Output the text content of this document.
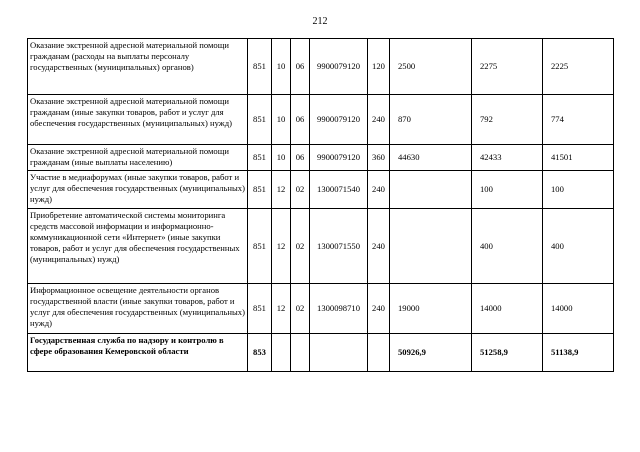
212
Оказание экстренной адресной материальной помощи гражданам (расходы на выплаты персоналу государственных (муниципальных) органов)	851	10	06	9900079120	120	2500	2275	2225
Оказание экстренной адресной материальной помощи гражданам (иные закупки товаров, работ и услуг для обеспечения государственных (муниципальных) нужд)	851	10	06	9900079120	240	870	792	774
Оказание экстренной адресной материальной помощи гражданам (иные выплаты населению)	851	10	06	9900079120	360	44630	42433	41501
Участие в медиафорумах (иные закупки товаров, работ и услуг для обеспечения государственных (муниципальных) нужд)	851	12	02	1300071540	240		100	100
Приобретение автоматической системы мониторинга средств массовой информации и информационно-коммуникационной сети «Интернет» (иные закупки товаров, работ и услуг для обеспечения государственных (муниципальных) нужд)	851	12	02	1300071550	240		400	400
Информационное освещение деятельности органов государственной власти (иные закупки товаров, работ и услуг для обеспечения государственных (муниципальных) нужд)	851	12	02	1300098710	240	19000	14000	14000
Государственная служба по надзору и контролю в сфере образования Кемеровской области	853					50926,9	51258,9	51138,9
